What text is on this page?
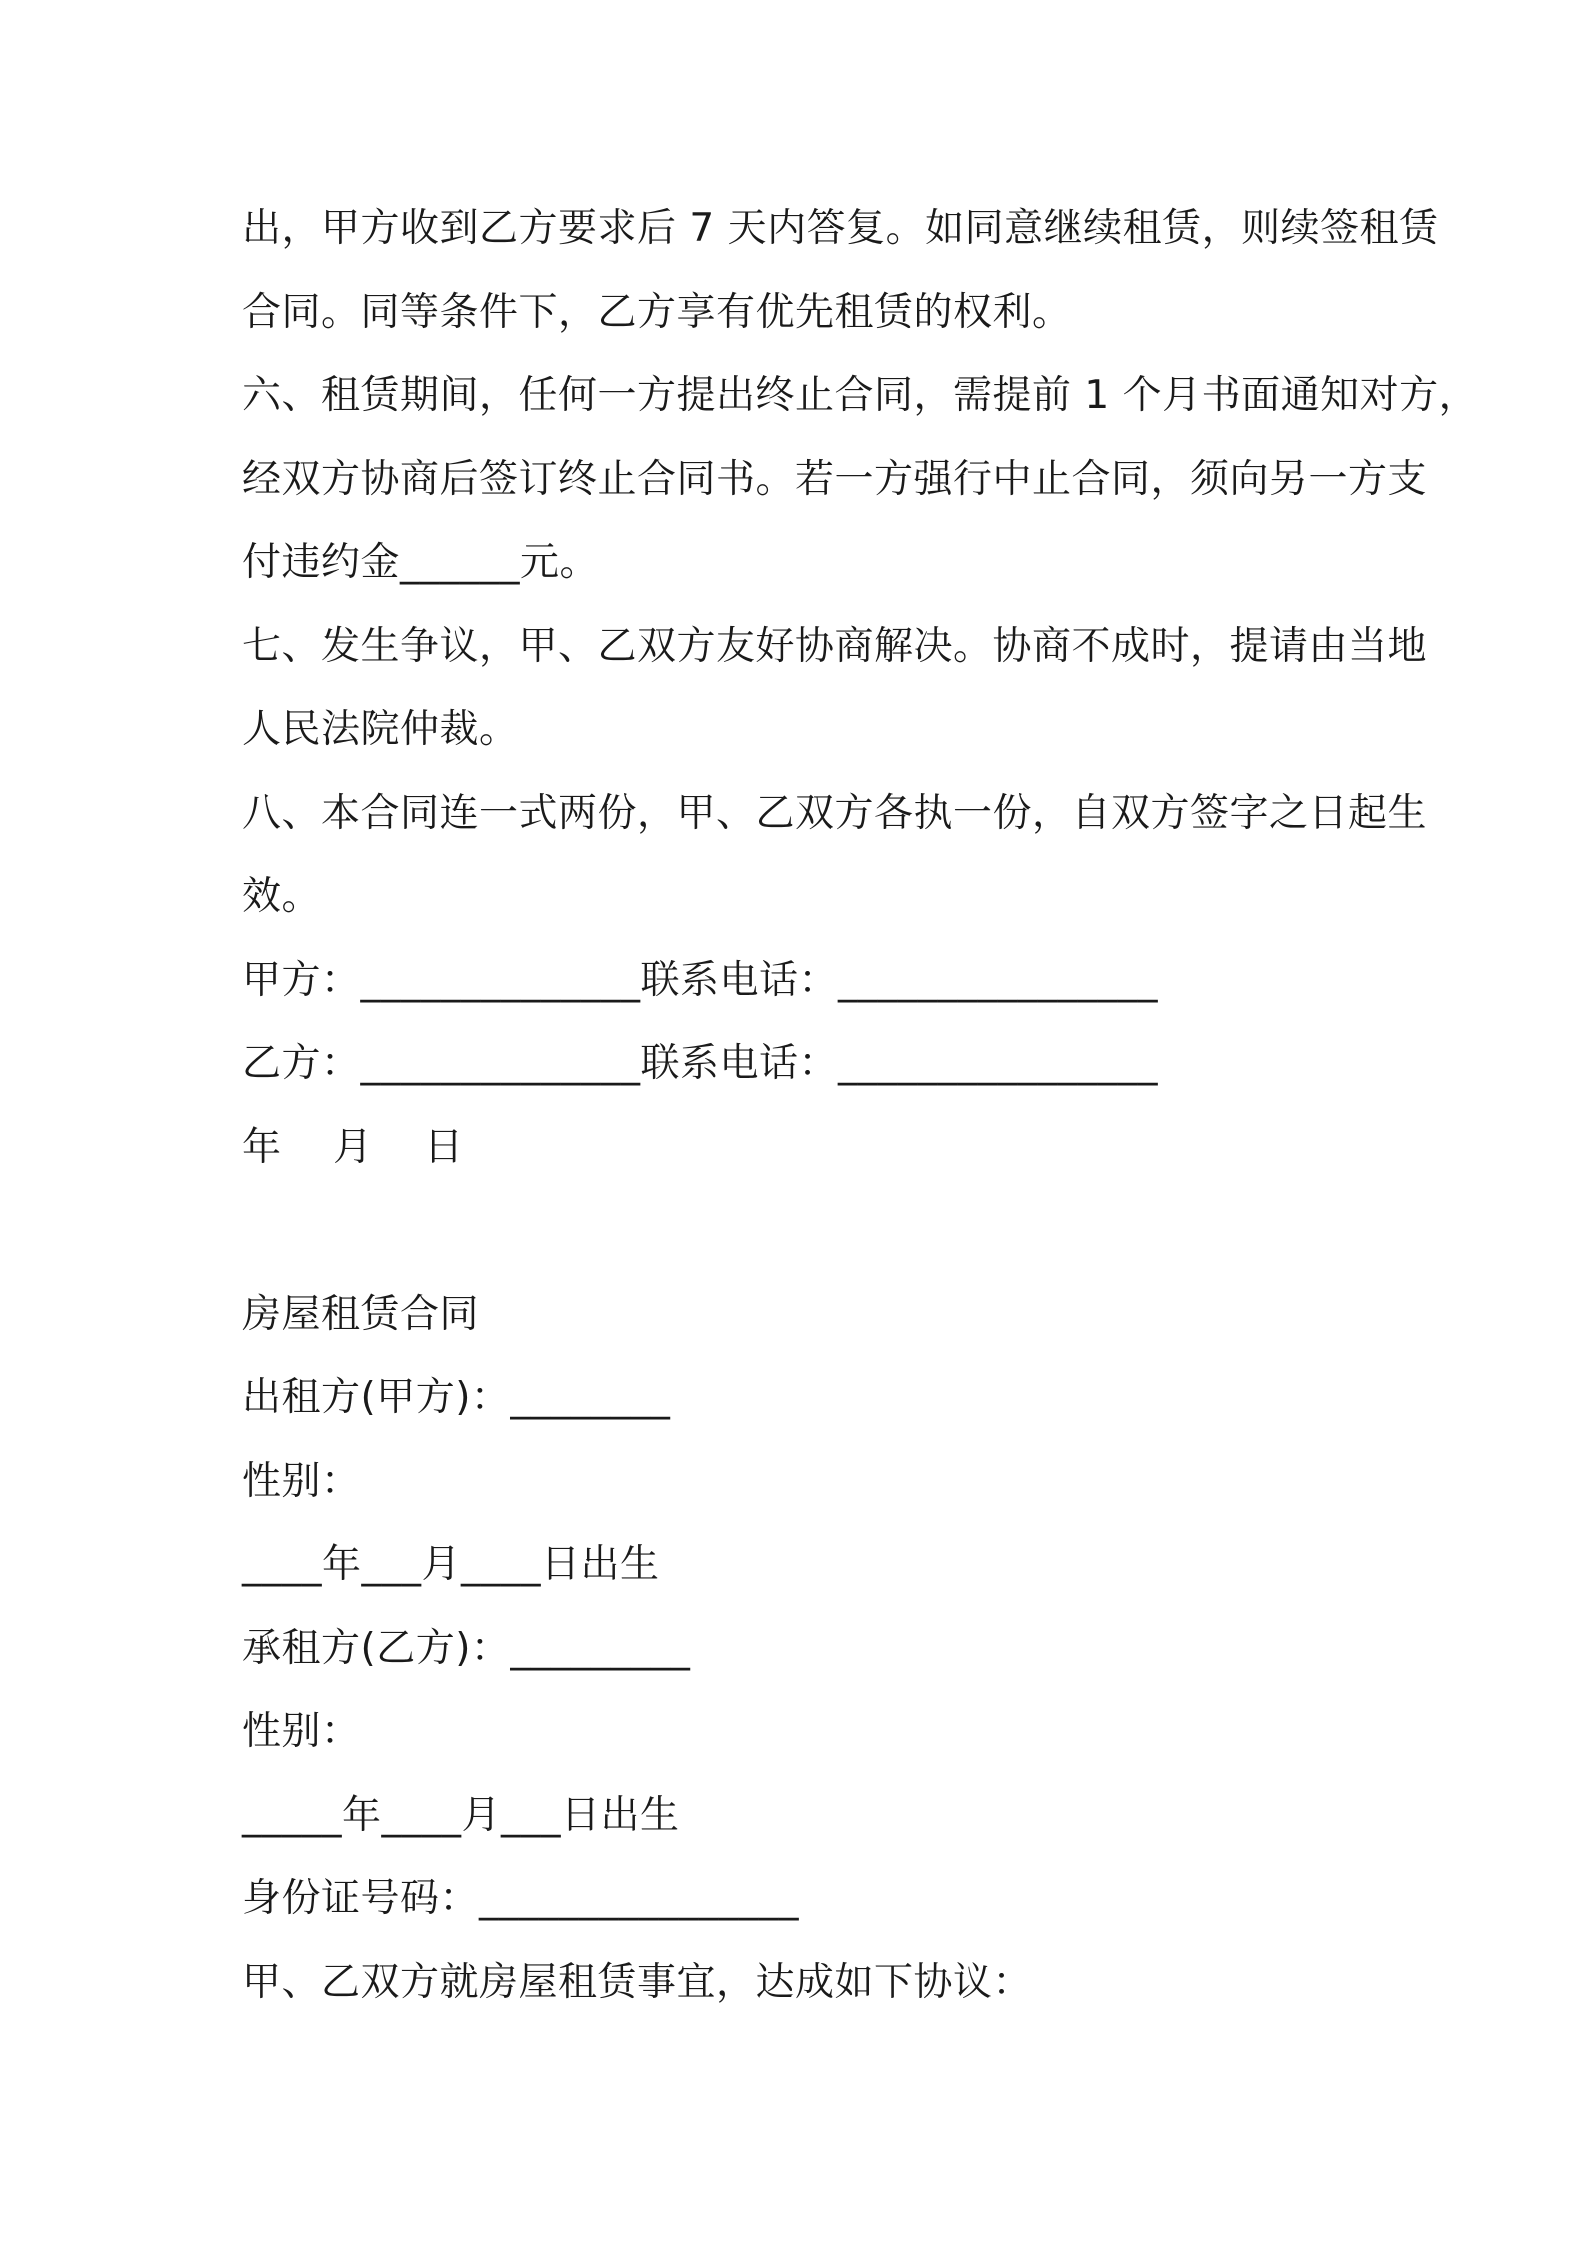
出，甲方收到乙方要求后 7 天内答复。如同意继续租赁，则续签租赁
合同。同等条件下，乙方享有优先租赁的权利。
六、租赁期间，任何一方提出终止合同，需提前 1 个月书面通知对方，
经双方协商后签订终止合同书。若一方强行中止合同，须向另一方支
付违约金______元。
七、发生争议，甲、乙双方友好协商解决。协商不成时，提请由当地
人民法院仲裁。
八、本合同连一式两份，甲、乙双方各执一份，自双方签字之日起生
效。
甲方：______________联系电话：________________
乙方：______________联系电话：________________
年    月    日
房屋租赁合同
出租方(甲方)：________
性别：
____年___月____日出生
承租方(乙方)：_________
性别：
_____年____月___日出生
身份证号码：________________
甲、乙双方就房屋租赁事宜，达成如下协议：
